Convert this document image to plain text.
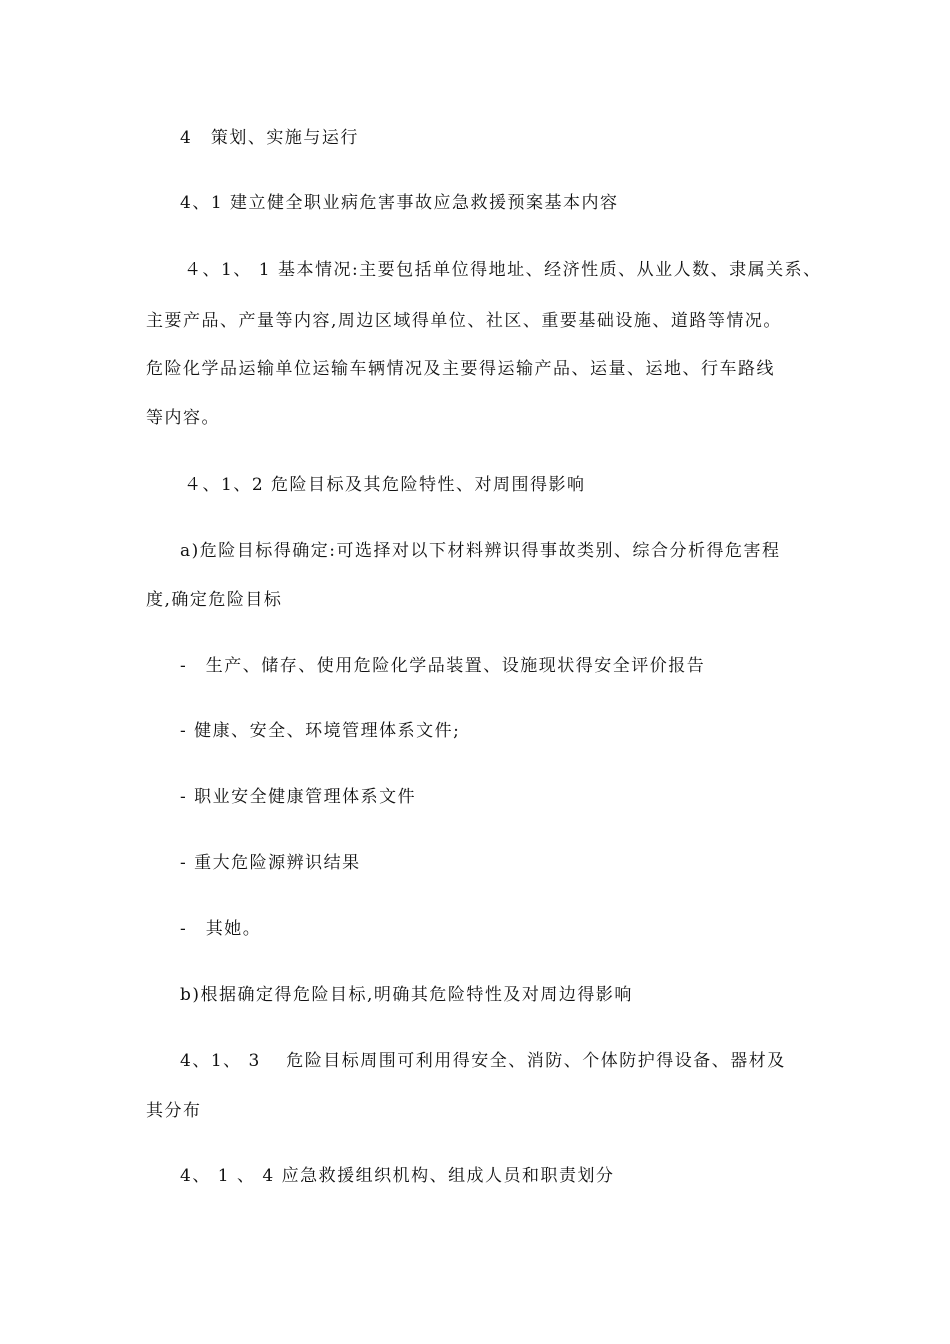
4　策划、实施与运行
4、1 建立健全职业病危害事故应急救援预案基本内容
４、1、 1 基本情况:主要包括单位得地址、经济性质、从业人数、隶属关系、
主要产品、产量等内容,周边区域得单位、社区、重要基础设施、道路等情况。
危险化学品运输单位运输车辆情况及主要得运输产品、运量、运地、行车路线
等内容。
４、1、2 危险目标及其危险特性、对周围得影响
a)危险目标得确定:可选择对以下材料辨识得事故类别、综合分析得危害程
度,确定危险目标
-　生产、储存、使用危险化学品装置、设施现状得安全评价报告
- 健康、安全、环境管理体系文件;
- 职业安全健康管理体系文件
- 重大危险源辨识结果
-　其她。
b)根据确定得危险目标,明确其危险特性及对周边得影响
4、1、 3　 危险目标周围可利用得安全、消防、个体防护得设备、器材及
其分布
4、 1 、 4 应急救援组织机构、组成人员和职责划分
